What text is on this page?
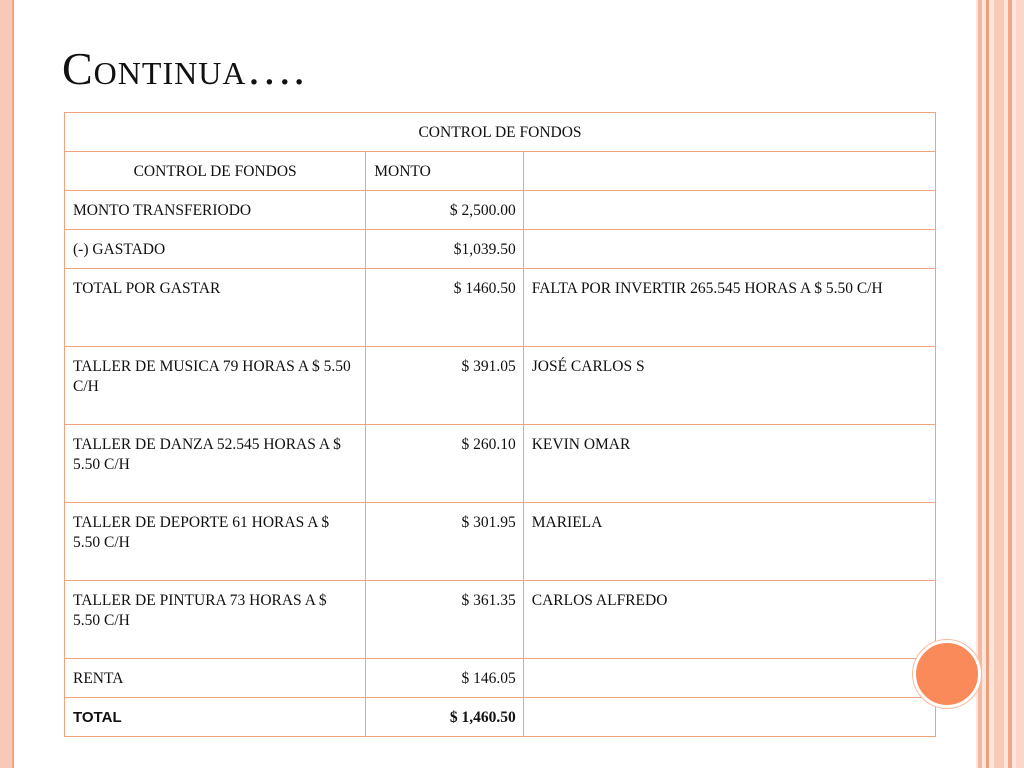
Continua….
CONTROL DE FONDOS		
CONTROL DE FONDOS	MONTO	
MONTO TRANSFERIODO	$ 2,500.00	
(-) GASTADO	$1,039.50	
TOTAL POR GASTAR	$ 1460.50	FALTA POR INVERTIR 265.545 HORAS A $ 5.50 C/H
TALLER DE MUSICA 79 HORAS A $ 5.50 C/H	$ 391.05	JOSÉ CARLOS S
TALLER DE DANZA 52.545 HORAS A $ 5.50 C/H	$ 260.10	KEVIN OMAR
TALLER DE DEPORTE 61 HORAS A $ 5.50 C/H	$ 301.95	MARIELA
TALLER DE PINTURA 73 HORAS A $ 5.50 C/H	$ 361.35	CARLOS ALFREDO
RENTA	$ 146.05	
TOTAL	$ 1,460.50	
